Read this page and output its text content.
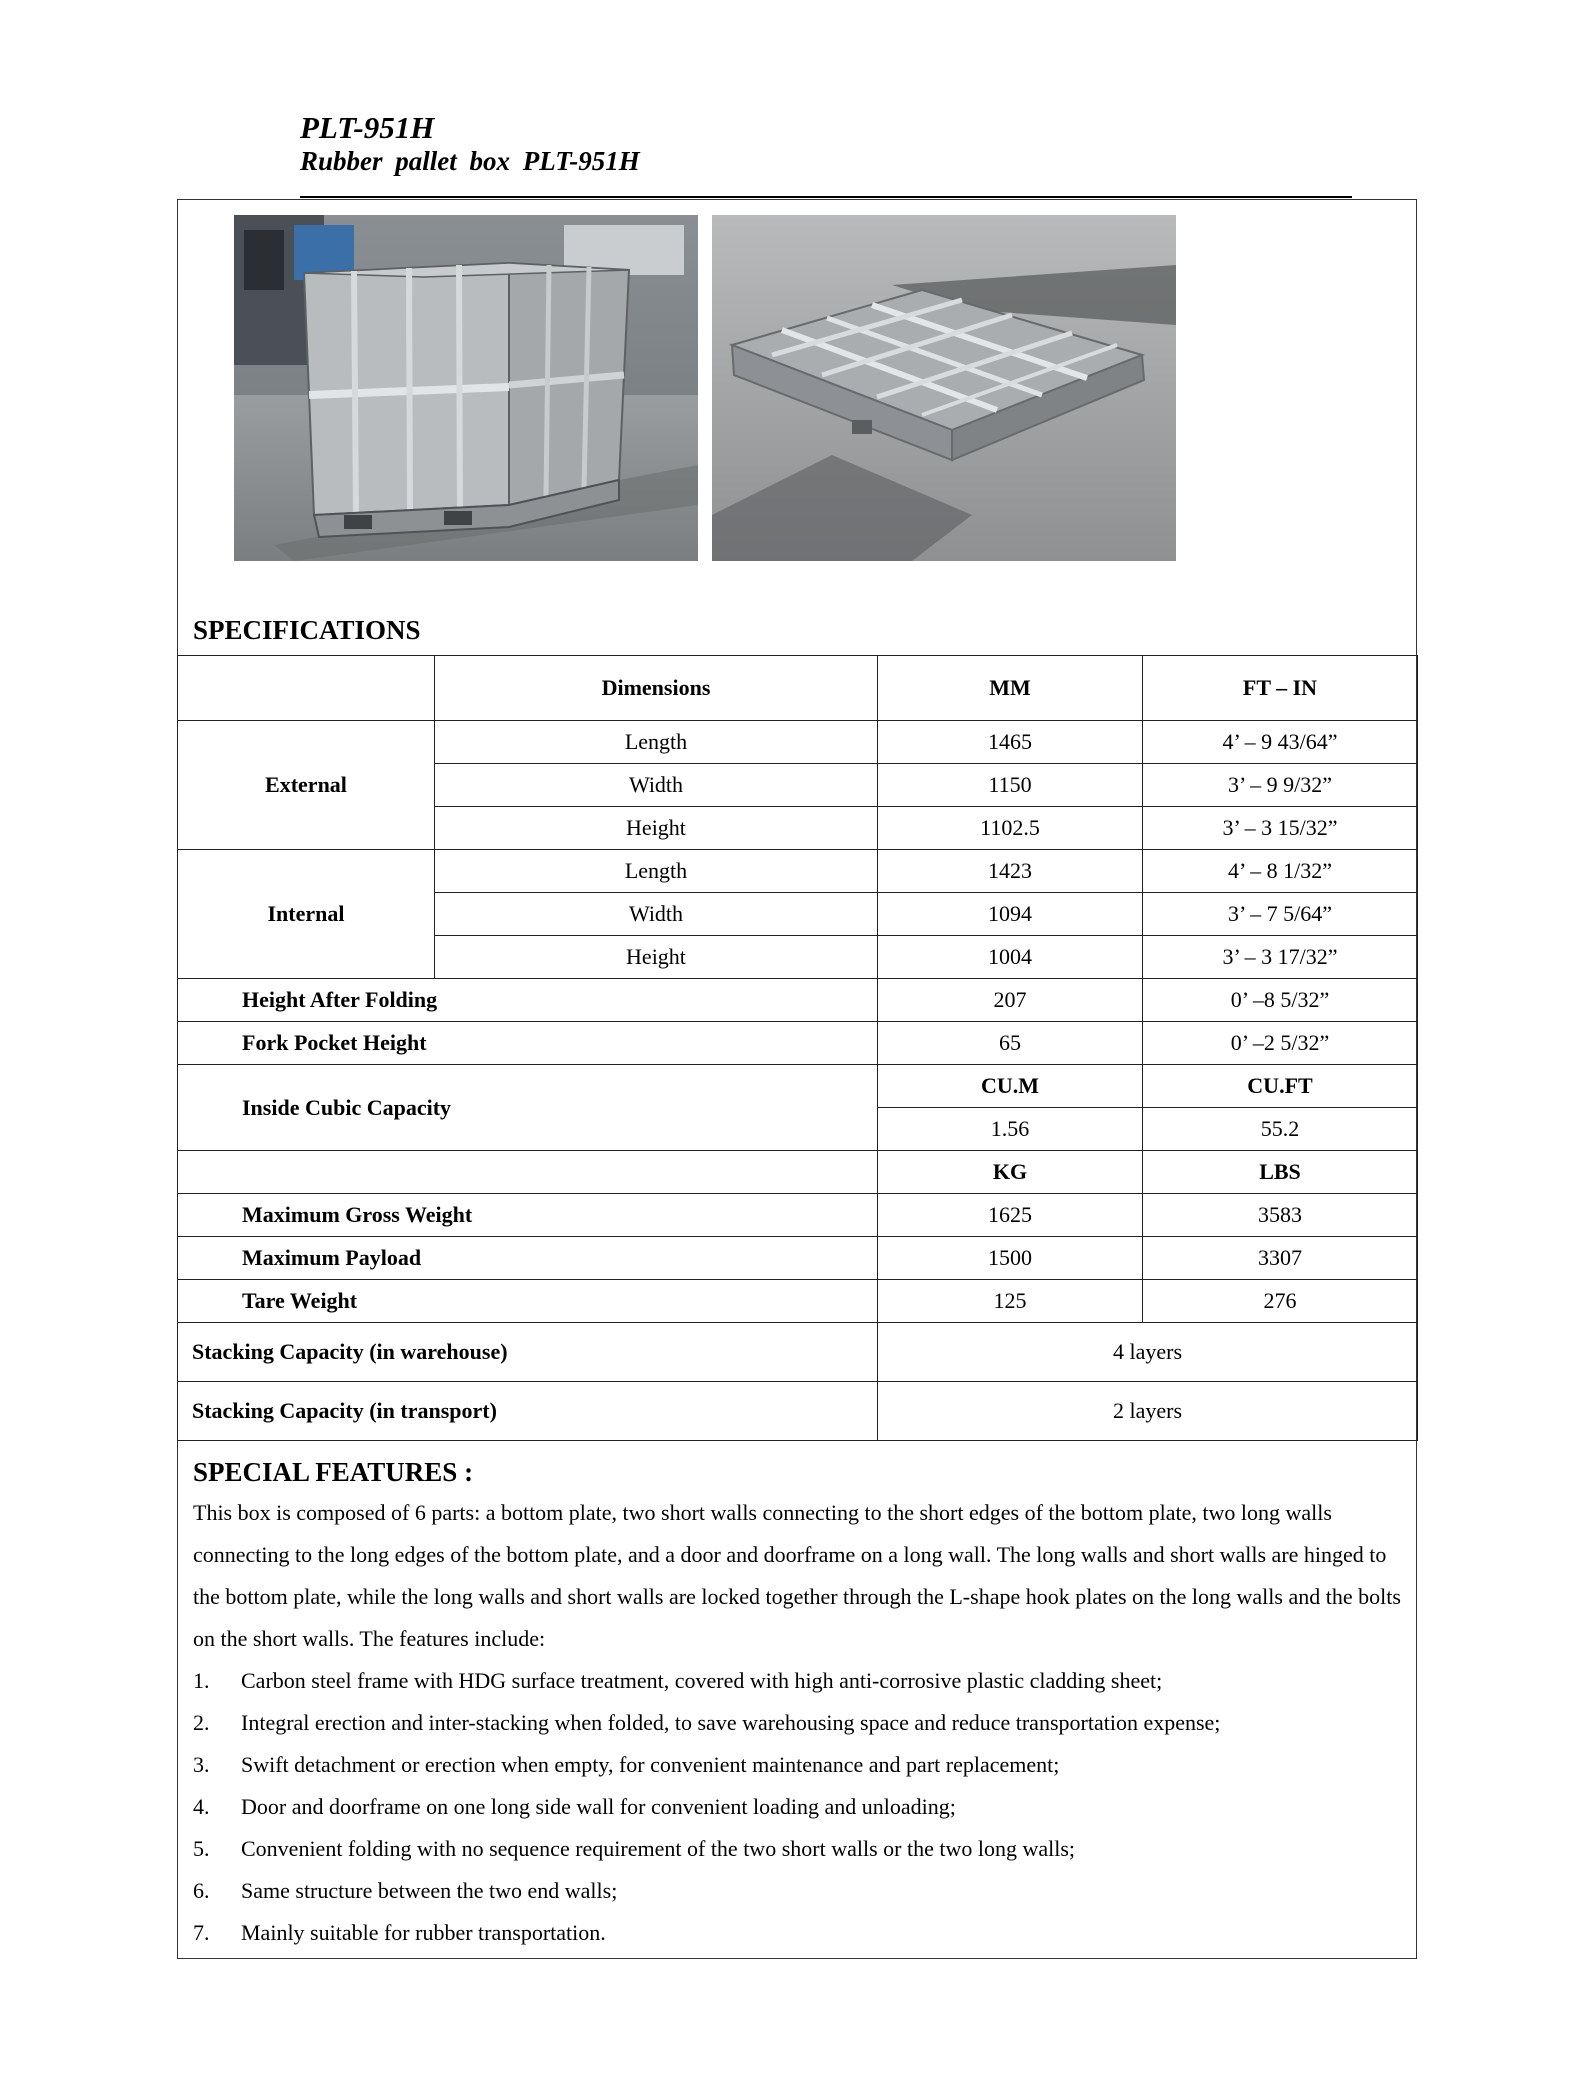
PLT-951H
Rubber pallet box PLT-951H
SPECIFICATIONS
	Dimensions	MM	FT – IN
External	Length	1465	4’ – 9 43/64”
	Width	1150	3’ – 9 9/32”
	Height	1102.5	3’ – 3 15/32”
Internal	Length	1423	4’ – 8 1/32”
	Width	1094	3’ – 7 5/64”
	Height	1004	3’ – 3 17/32”
Height After Folding		207	0’ –8 5/32”
Fork Pocket Height		65	0’ –2 5/32”
Inside Cubic Capacity		CU.M	CU.FT
		1.56	55.2
		KG	LBS
Maximum Gross Weight		1625	3583
Maximum Payload		1500	3307
Tare Weight		125	276
Stacking Capacity (in warehouse)		4 layers	
Stacking Capacity (in transport)		2 layers	
SPECIAL FEATURES :

This box is composed of 6 parts: a bottom plate, two short walls connecting to the short edges of the bottom plate, two long walls connecting to the long edges of the bottom plate, and a door and doorframe on a long wall. The long walls and short walls are hinged to the bottom plate, while the long walls and short walls are locked together through the L-shape hook plates on the long walls and the bolts on the short walls. The features include:

1.	Carbon steel frame with HDG surface treatment, covered with high anti-corrosive plastic cladding sheet;
2.	Integral erection and inter-stacking when folded, to save warehousing space and reduce transportation expense;
3.	Swift detachment or erection when empty, for convenient maintenance and part replacement;
4.	Door and doorframe on one long side wall for convenient loading and unloading;
5.	Convenient folding with no sequence requirement of the two short walls or the two long walls;
6.	Same structure between the two end walls;
7.	Mainly suitable for rubber transportation.
